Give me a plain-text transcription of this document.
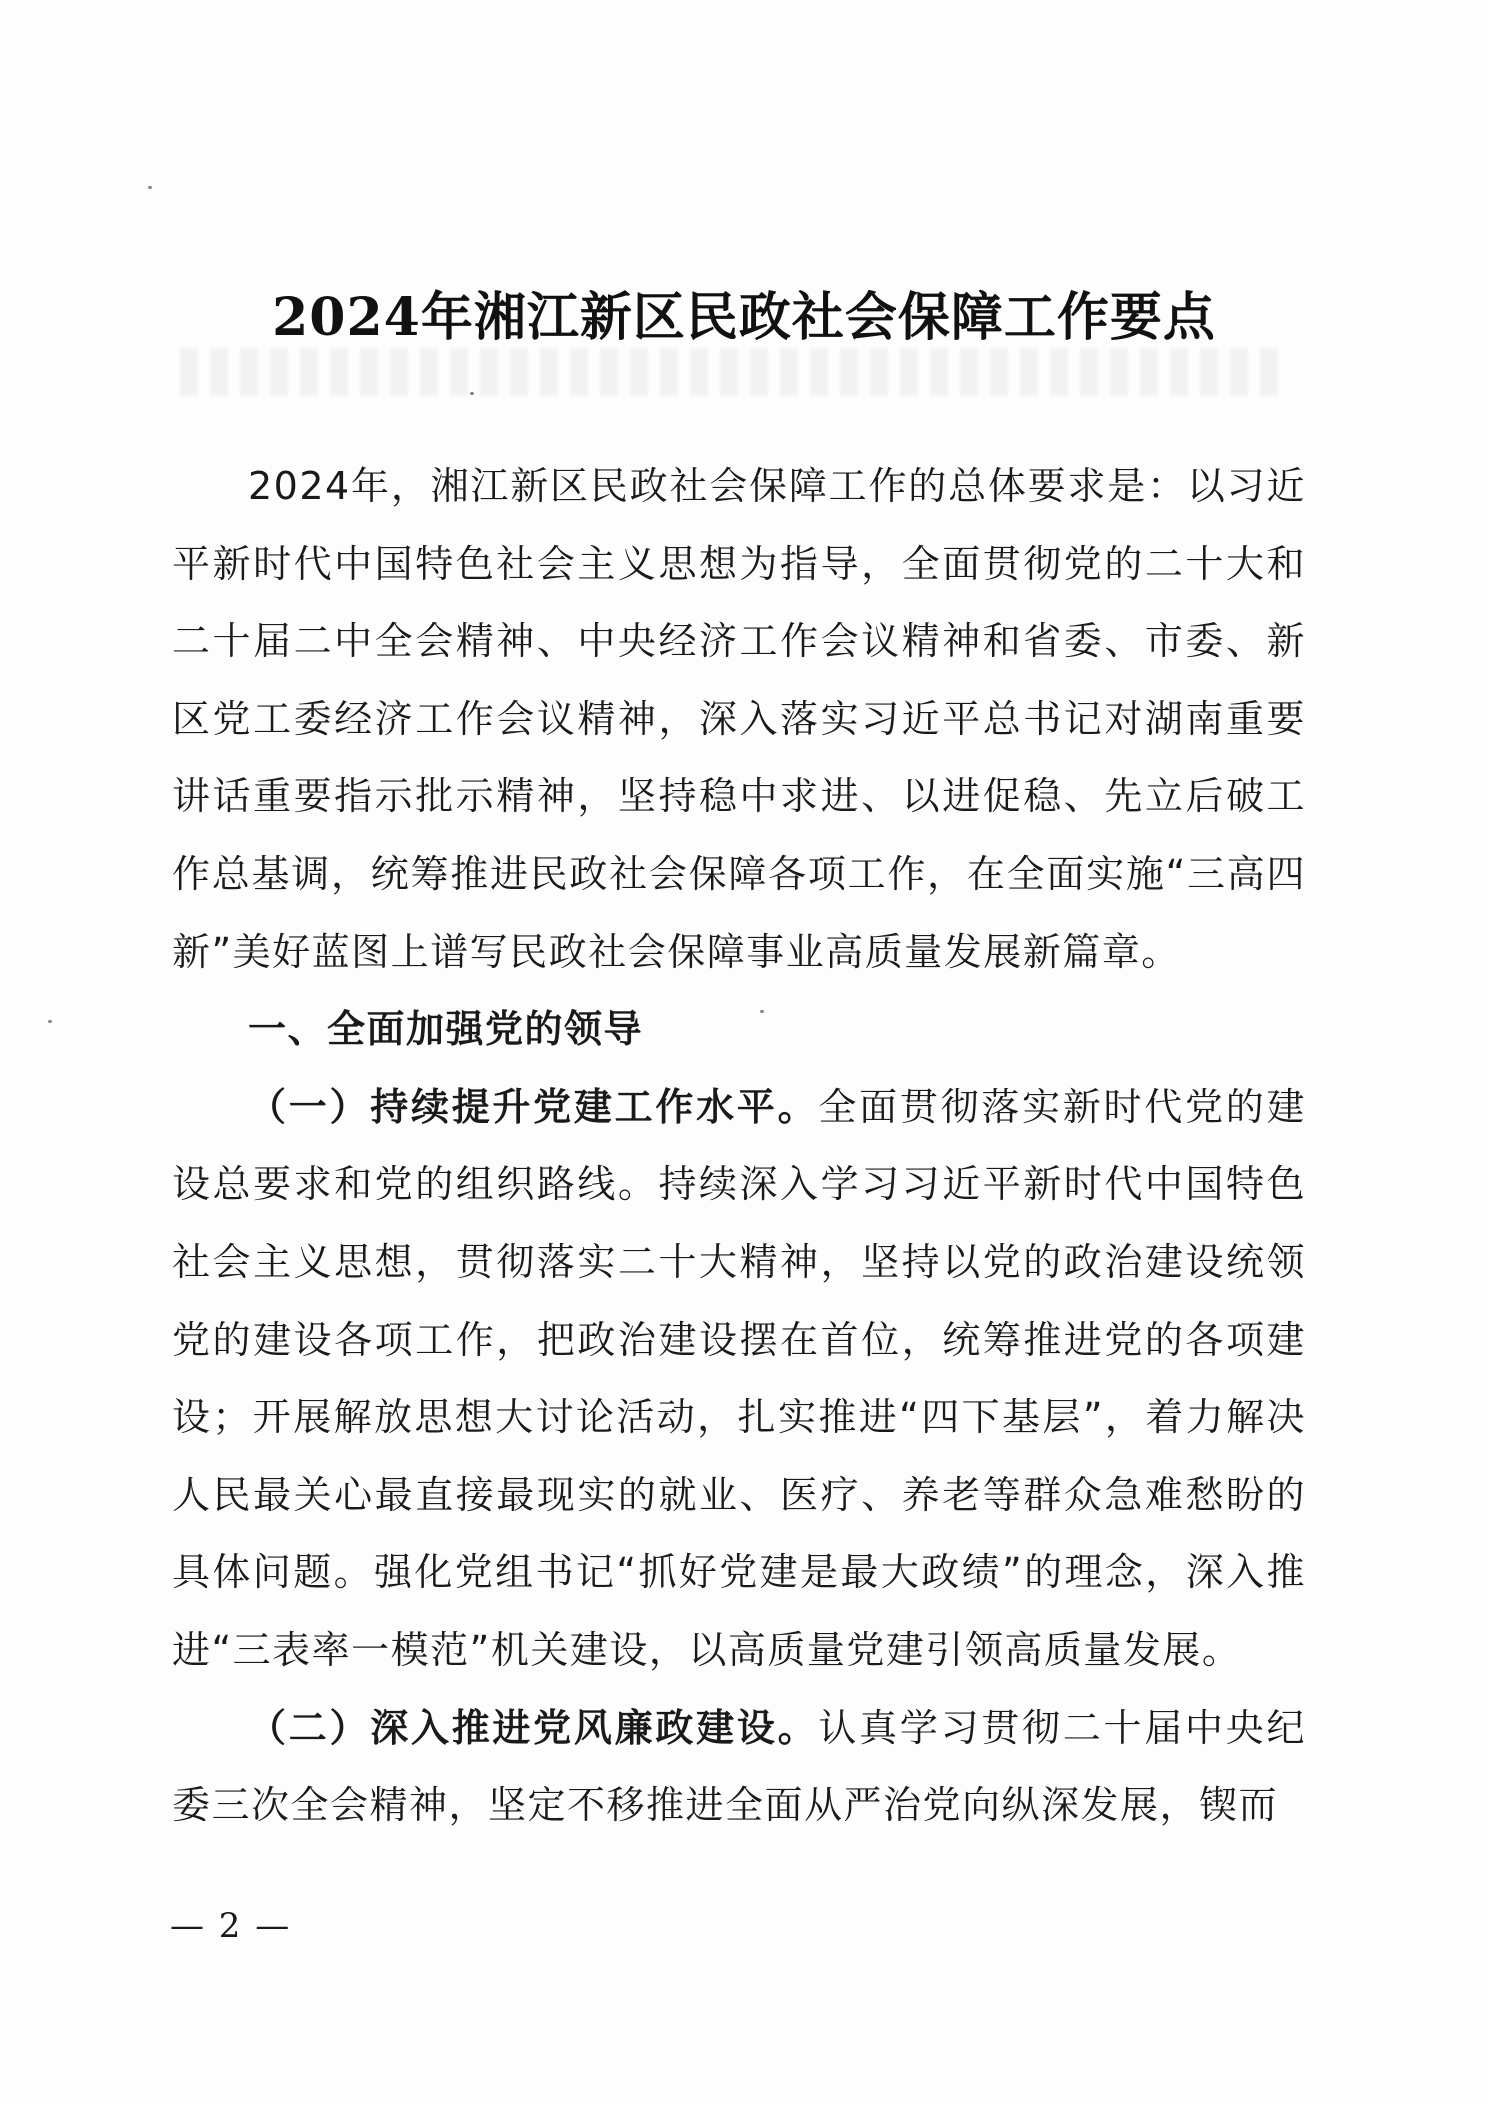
2024年湘江新区民政社会保障工作要点

2024年，湘江新区民政社会保障工作的总体要求是：以习近平新时代中国特色社会主义思想为指导，全面贯彻党的二十大和二十届二中全会精神、中央经济工作会议精神和省委、市委、新区党工委经济工作会议精神，深入落实习近平总书记对湖南重要讲话重要指示批示精神，坚持稳中求进、以进促稳、先立后破工作总基调，统筹推进民政社会保障各项工作，在全面实施“三高四新”美好蓝图上谱写民政社会保障事业高质量发展新篇章。

一、全面加强党的领导

（一）持续提升党建工作水平。全面贯彻落实新时代党的建设总要求和党的组织路线。持续深入学习习近平新时代中国特色社会主义思想，贯彻落实二十大精神，坚持以党的政治建设统领党的建设各项工作，把政治建设摆在首位，统筹推进党的各项建设；开展解放思想大讨论活动，扎实推进“四下基层”，着力解决人民最关心最直接最现实的就业、医疗、养老等群众急难愁盼的具体问题。强化党组书记“抓好党建是最大政绩”的理念，深入推进“三表率一模范”机关建设，以高质量党建引领高质量发展。

（二）深入推进党风廉政建设。认真学习贯彻二十届中央纪委三次全会精神，坚定不移推进全面从严治党向纵深发展，锲而

— 2 —
